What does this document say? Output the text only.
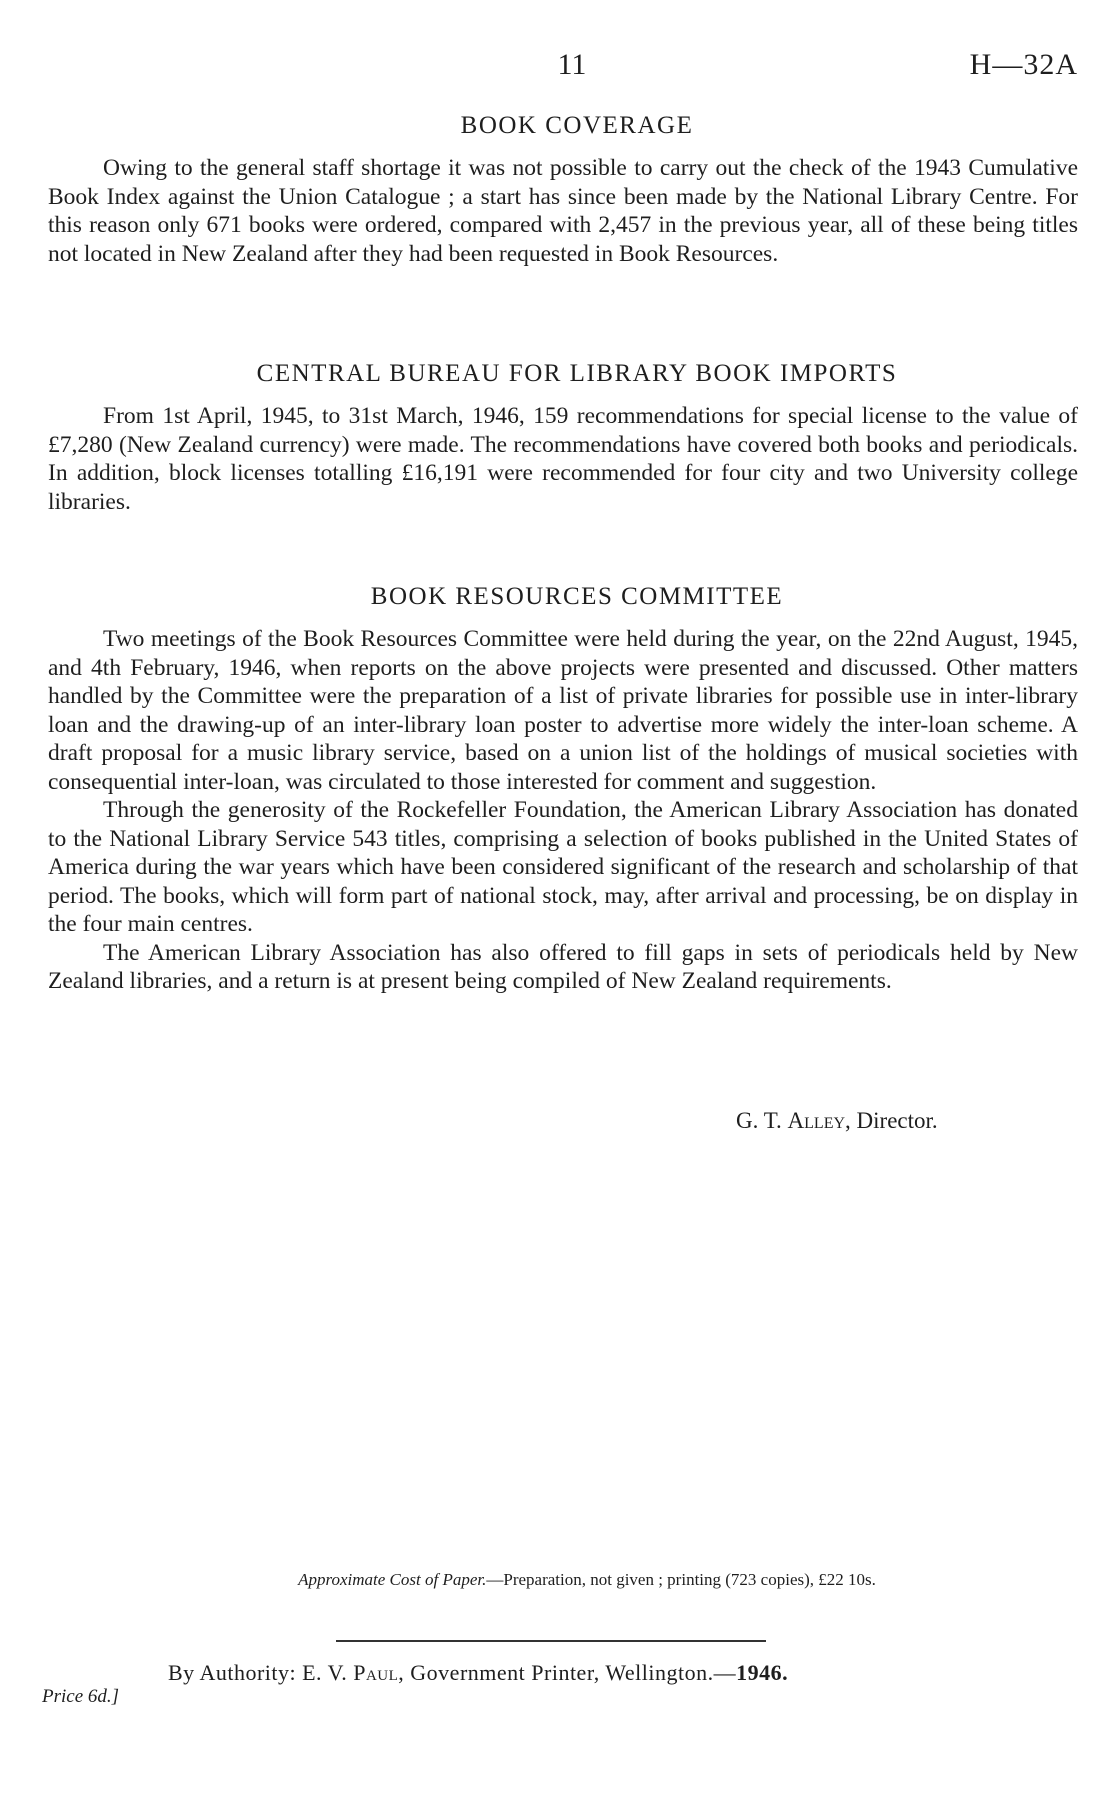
11	H—32A
BOOK COVERAGE

Owing to the general staff shortage it was not possible to carry out the check of the 1943 Cumulative Book Index against the Union Catalogue ; a start has since been made by the National Library Centre. For this reason only 671 books were ordered, compared with 2,457 in the previous year, all of these being titles not located in New Zealand after they had been requested in Book Resources.

CENTRAL BUREAU FOR LIBRARY BOOK IMPORTS

From 1st April, 1945, to 31st March, 1946, 159 recommendations for special license to the value of £7,280 (New Zealand currency) were made. The recommendations have covered both books and periodicals. In addition, block licenses totalling £16,191 were recommended for four city and two University college libraries.

BOOK RESOURCES COMMITTEE

Two meetings of the Book Resources Committee were held during the year, on the 22nd August, 1945, and 4th February, 1946, when reports on the above projects were presented and discussed. Other matters handled by the Committee were the preparation of a list of private libraries for possible use in inter-library loan and the drawing-up of an inter-library loan poster to advertise more widely the inter-loan scheme. A draft proposal for a music library service, based on a union list of the holdings of musical societies with consequential inter-loan, was circulated to those interested for comment and suggestion.

Through the generosity of the Rockefeller Foundation, the American Library Association has donated to the National Library Service 543 titles, comprising a selection of books published in the United States of America during the war years which have been considered significant of the research and scholarship of that period. The books, which will form part of national stock, may, after arrival and processing, be on display in the four main centres.

The American Library Association has also offered to fill gaps in sets of periodicals held by New Zealand libraries, and a return is at present being compiled of New Zealand requirements.

G. T. Alley, Director.
Approximate Cost of Paper.—Preparation, not given ; printing (723 copies), £22 10s.
By Authority: E. V. Paul, Government Printer, Wellington.—1946.
Price 6d.]
